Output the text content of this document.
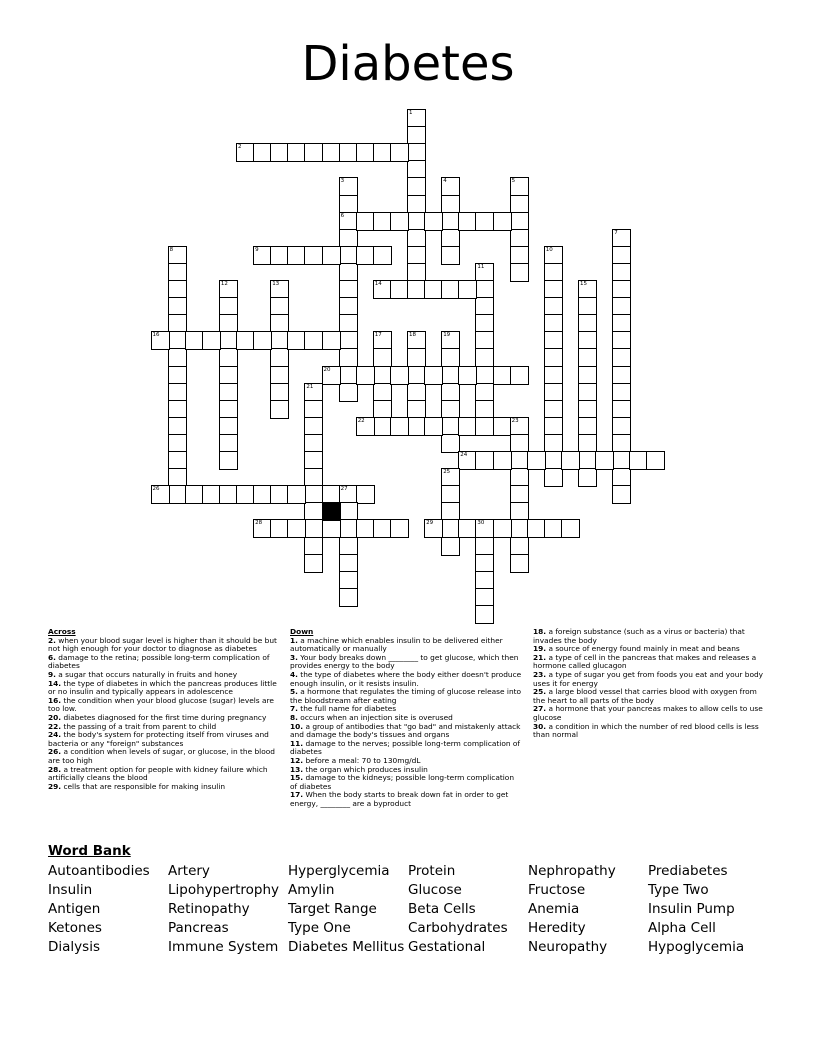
Diabetes
1
2
3
6
4	5
7
8	9	10
11
12	13	14	15
16	17	18	19
20
21
22	23
24
25
26	27
28	29	30
Across
2. when your blood sugar level is higher than it should be but not high enough for your doctor to diagnose as diabetes
6. damage to the retina; possible long-term complication of diabetes
9. a sugar that occurs naturally in fruits and honey
14. the type of diabetes in which the pancreas produces little or no insulin and typically appears in adolescence
16. the condition when your blood glucose (sugar) levels are too low.
20. diabetes diagnosed for the first time during pregnancy
22. the passing of a trait from parent to child
24. the body's system for protecting itself from viruses and bacteria or any "foreign" substances
26. a condition when levels of sugar, or glucose, in the blood are too high
28. a treatment option for people with kidney failure which artificially cleans the blood
29. cells that are responsible for making insulin
Down
1. a machine which enables insulin to be delivered either automatically or manually
3. Your body breaks down ________ to get glucose, which then provides energy to the body
4. the type of diabetes where the body either doesn't produce enough insulin, or it resists insulin.
5. a hormone that regulates the timing of glucose release into the bloodstream after eating
7. the full name for diabetes
8. occurs when an injection site is overused
10. a group of antibodies that "go bad" and mistakenly attack and damage the body's tissues and organs
11. damage to the nerves; possible long-term complication of diabetes
12. before a meal: 70 to 130mg/dL
13. the organ which produces insulin
15. damage to the kidneys; possible long-term complication of diabetes
17. When the body starts to break down fat in order to get energy, ________ are a byproduct
18. a foreign substance (such as a virus or bacteria) that invades the body
19. a source of energy found mainly in meat and beans
21. a type of cell in the pancreas that makes and releases a hormone called glucagon
23. a type of sugar you get from foods you eat and your body uses it for energy
25. a large blood vessel that carries blood with oxygen from the heart to all parts of the body
27. a hormone that your pancreas makes to allow cells to use glucose
30. a condition in which the number of red blood cells is less than normal
Word Bank
Autoantibodies
Insulin
Antigen
Ketones
Dialysis
Artery
Lipohypertrophy
Retinopathy
Pancreas
Immune System
Hyperglycemia
Amylin
Target Range
Type One
Diabetes Mellitus
Protein
Glucose
Beta Cells
Carbohydrates
Gestational
Nephropathy
Fructose
Anemia
Heredity
Neuropathy
Prediabetes
Type Two
Insulin Pump
Alpha Cell
Hypoglycemia
